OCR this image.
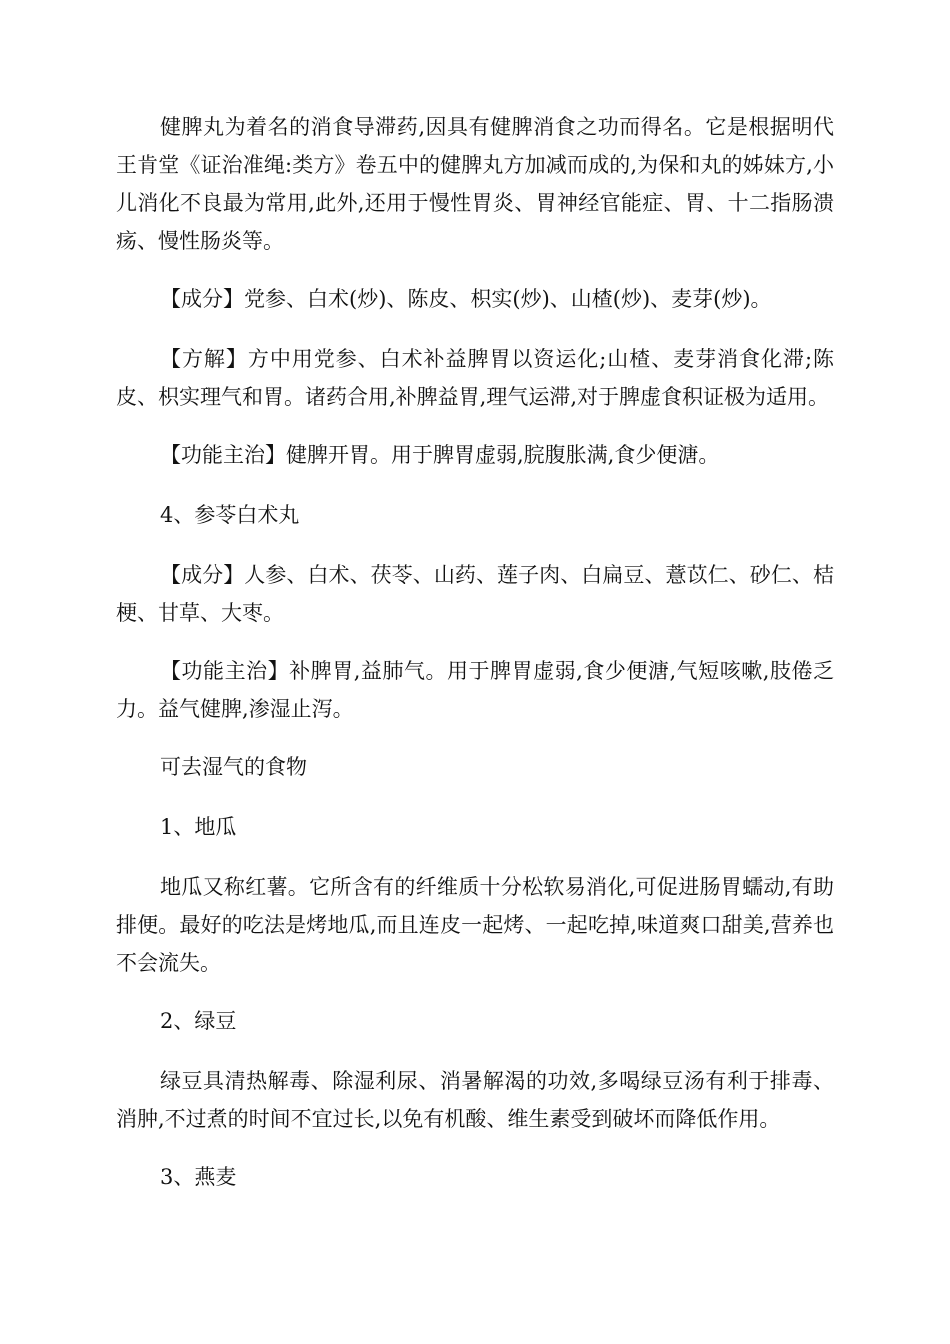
健脾丸为着名的消食导滞药,因具有健脾消食之功而得名。它是根据明代王肯堂《证治准绳:类方》卷五中的健脾丸方加减而成的,为保和丸的姊妹方,小儿消化不良最为常用,此外,还用于慢性胃炎、胃神经官能症、胃、十二指肠溃疡、慢性肠炎等。

【成分】党参、白术(炒)、陈皮、枳实(炒)、山楂(炒)、麦芽(炒)。

【方解】方中用党参、白术补益脾胃以资运化;山楂、麦芽消食化滞;陈皮、枳实理气和胃。诸药合用,补脾益胃,理气运滞,对于脾虚食积证极为适用。

【功能主治】健脾开胃。用于脾胃虚弱,脘腹胀满,食少便溏。

4、参苓白术丸

【成分】人参、白术、茯苓、山药、莲子肉、白扁豆、薏苡仁、砂仁、桔梗、甘草、大枣。

【功能主治】补脾胃,益肺气。用于脾胃虚弱,食少便溏,气短咳嗽,肢倦乏力。益气健脾,渗湿止泻。

可去湿气的食物

1、地瓜

地瓜又称红薯。它所含有的纤维质十分松软易消化,可促进肠胃蠕动,有助排便。最好的吃法是烤地瓜,而且连皮一起烤、一起吃掉,味道爽口甜美,营养也不会流失。

2、绿豆

绿豆具清热解毒、除湿利尿、消暑解渴的功效,多喝绿豆汤有利于排毒、消肿,不过煮的时间不宜过长,以免有机酸、维生素受到破坏而降低作用。

3、燕麦
